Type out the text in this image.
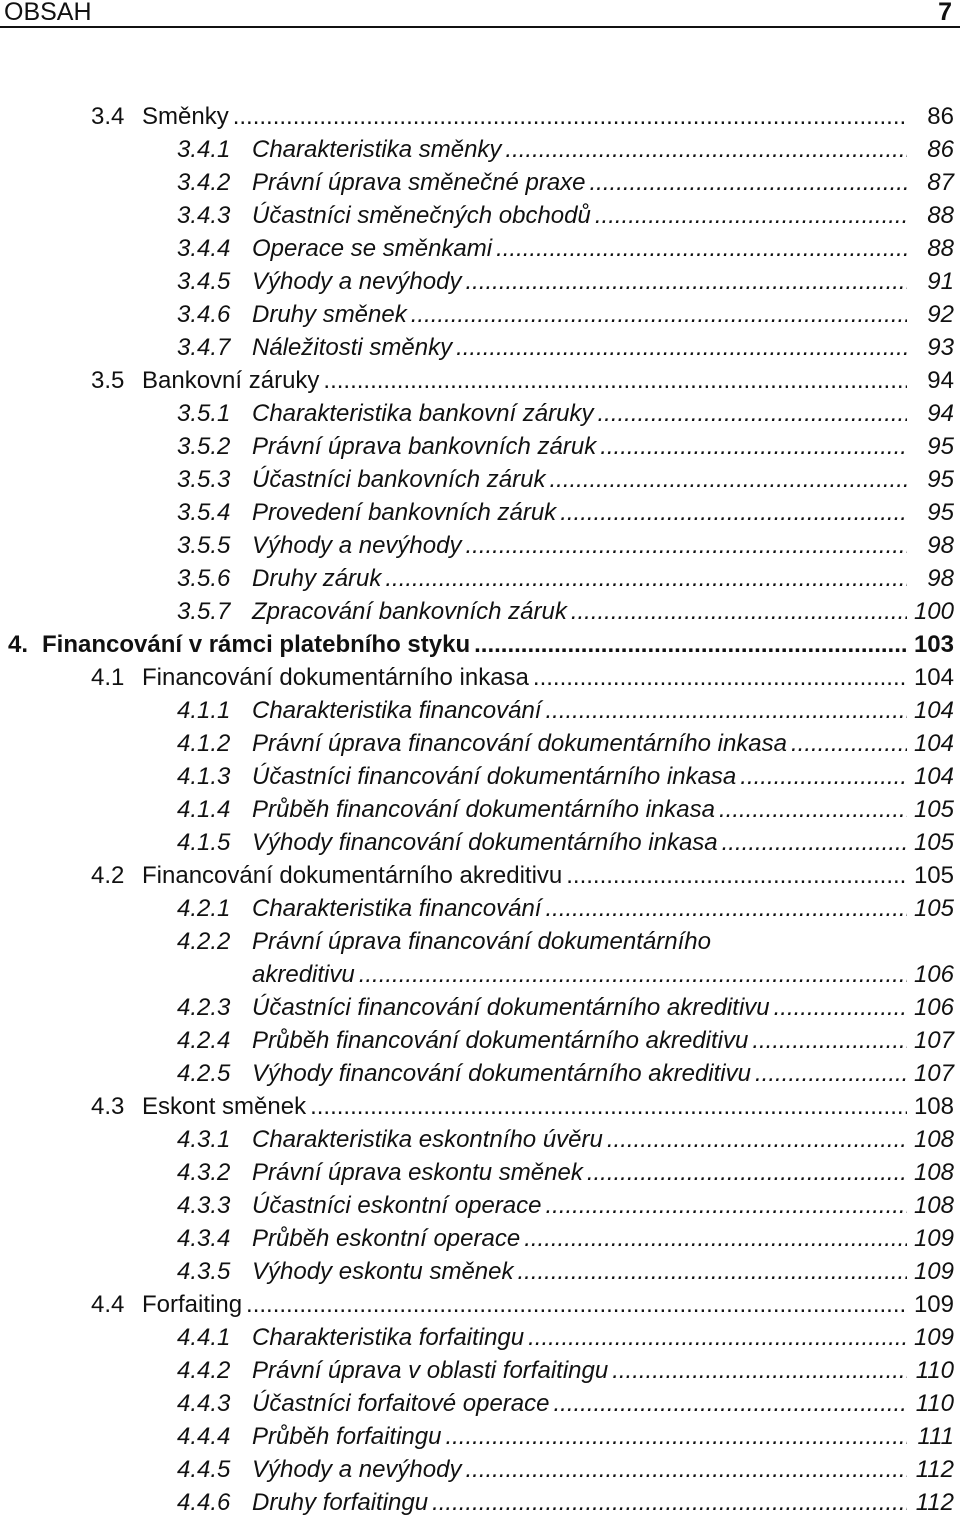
OBSAH	7
3.4 Směnky .....	86
3.4.1 Charakteristika směnky .....	86
3.4.2 Právní úprava směnečné praxe .....	87
3.4.3 Účastníci směnečných obchodů .....	88
3.4.4 Operace se směnkami .....	88
3.4.5 Výhody a nevýhody .....	91
3.4.6 Druhy směnek .....	92
3.4.7 Náležitosti směnky .....	93
3.5 Bankovní záruky .....	94
3.5.1 Charakteristika bankovní záruky .....	94
3.5.2 Právní úprava bankovních záruk .....	95
3.5.3 Účastníci bankovních záruk .....	95
3.5.4 Provedení bankovních záruk .....	95
3.5.5 Výhody a nevýhody .....	98
3.5.6 Druhy záruk .....	98
3.5.7 Zpracování bankovních záruk .....	100
4. Financování v rámci platebního styku .....	103
4.1 Financování dokumentárního inkasa .....	104
4.1.1 Charakteristika financování .....	104
4.1.2 Právní úprava financování dokumentárního inkasa .....	104
4.1.3 Účastníci financování dokumentárního inkasa .....	104
4.1.4 Průběh financování dokumentárního inkasa .....	105
4.1.5 Výhody financování dokumentárního inkasa .....	105
4.2 Financování dokumentárního akreditivu .....	105
4.2.1 Charakteristika financování .....	105
4.2.2 Právní úprava financování dokumentárního
akreditivu .....	106
4.2.3 Účastníci financování dokumentárního akreditivu .....	106
4.2.4 Průběh financování dokumentárního akreditivu .....	107
4.2.5 Výhody financování dokumentárního akreditivu .....	107
4.3 Eskont směnek .....	108
4.3.1 Charakteristika eskontního úvěru .....	108
4.3.2 Právní úprava eskontu směnek .....	108
4.3.3 Účastníci eskontní operace .....	108
4.3.4 Průběh eskontní operace .....	109
4.3.5 Výhody eskontu směnek .....	109
4.4 Forfaiting .....	109
4.4.1 Charakteristika forfaitingu .....	109
4.4.2 Právní úprava v oblasti forfaitingu .....	110
4.4.3 Účastníci forfaitové operace .....	110
4.4.4 Průběh forfaitingu .....	111
4.4.5 Výhody a nevýhody .....	112
4.4.6 Druhy forfaitingu .....	112
